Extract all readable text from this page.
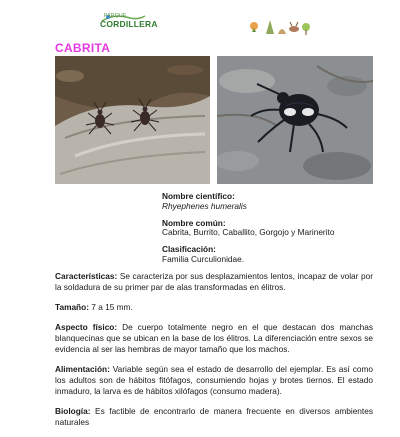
PARQUE
CORDILLERA
CABRITA
Nombre científico:
Rhyephenes humeralis
Nombre común:
Cabrita, Burrito, Caballito, Gorgojo y Marinerito
Clasificación:
Familia Curculionidae.

Características: Se caracteriza por sus desplazamientos lentos, incapaz de volar por la soldadura de su primer par de alas transformadas en élitros.

Tamaño: 7 a 15 mm.

Aspecto físico: De cuerpo totalmente negro en el que destacan dos manchas blanquecinas que se ubican en la base de los élitros. La diferenciación entre sexos se evidencia al ser las hembras de mayor tamaño que los machos.

Alimentación: Variable según sea el estado de desarrollo del ejemplar. Es así como los adultos son de hábitos fitófagos, consumiendo hojas y brotes tiernos. El estado inmaduro, la larva es de hábitos xilófagos (consumo madera).

Biología: Es factible de encontrarlo de manera frecuente en diversos ambientes naturales
